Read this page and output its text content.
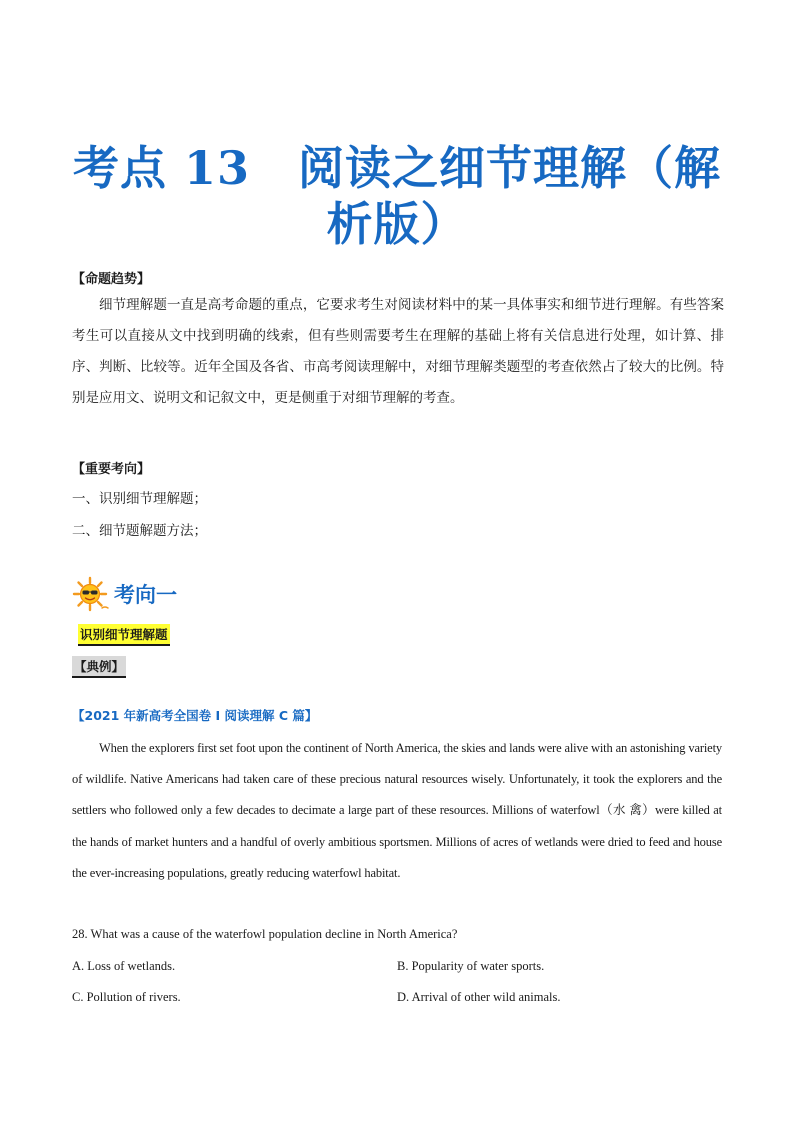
考点 13 阅读之细节理解（解
析版）
【命题趋势】

细节理解题一直是高考命题的重点，它要求考生对阅读材料中的某一具体事实和细节进行理解。有些答案考生可以直接从文中找到明确的线索，但有些则需要考生在理解的基础上将有关信息进行处理，如计算、排序、判断、比较等。近年全国及各省、市高考阅读理解中，对细节理解类题型的考查依然占了较大的比例。特别是应用文、说明文和记叙文中，更是侧重于对细节理解的考查。

【重要考向】
一、识别细节理解题；
二、细节题解题方法；
考向一
识别细节理解题
【典例】
【2021 年新高考全国卷 I 阅读理解 C 篇】

When the explorers first set foot upon the continent of North America, the skies and lands were alive with an astonishing variety of wildlife. Native Americans had taken care of these precious natural resources wisely. Unfortunately, it took the explorers and the settlers who followed only a few decades to decimate a large part of these resources. Millions of waterfowl（水 禽）were killed at the hands of market hunters and a handful of overly ambitious sportsmen. Millions of acres of wetlands were dried to feed and house the ever-increasing populations, greatly reducing waterfowl habitat.

28. What was a cause of the waterfowl population decline in North America?
A. Loss of wetlands.	B. Popularity of water sports.
C. Pollution of rivers.	D. Arrival of other wild animals.
